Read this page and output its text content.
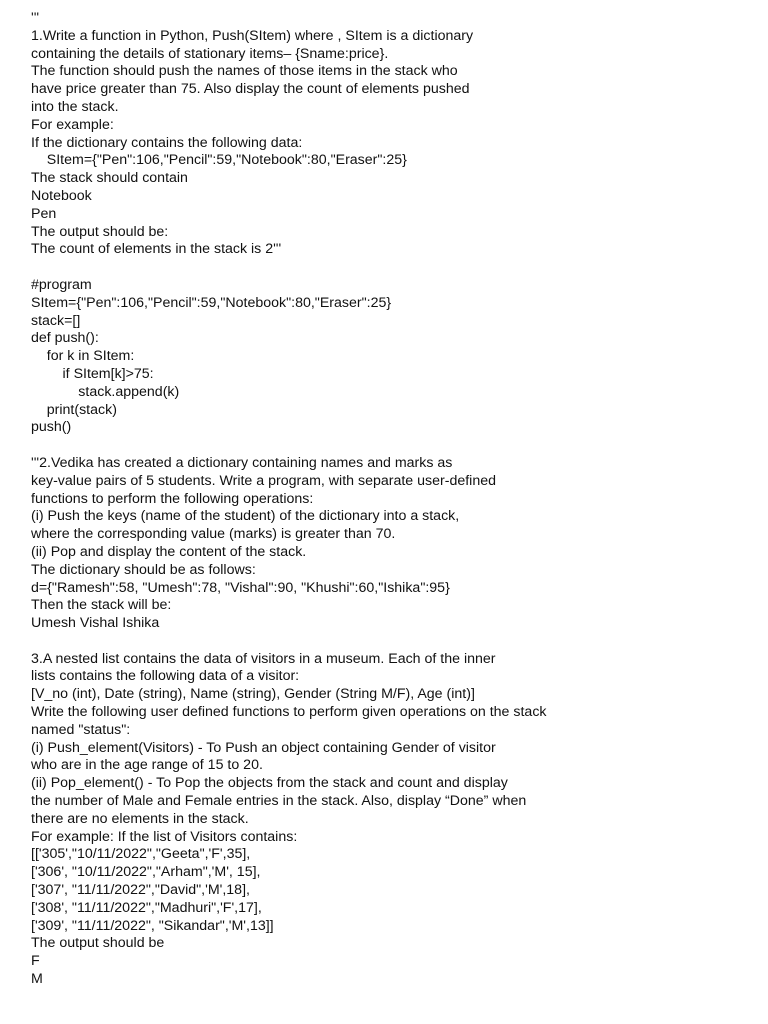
'''
1.Write a function in Python, Push(SItem) where , SItem is a dictionary
containing the details of stationary items– {Sname:price}.
The function should push the names of those items in the stack who
have price greater than 75. Also display the count of elements pushed
into the stack.
For example:
If the dictionary contains the following data:
SItem={"Pen":106,"Pencil":59,"Notebook":80,"Eraser":25}
The stack should contain
Notebook
Pen
The output should be:
The count of elements in the stack is 2'''
#program
SItem={"Pen":106,"Pencil":59,"Notebook":80,"Eraser":25}
stack=[]
def push():
for k in SItem:
if SItem[k]>75:
stack.append(k)
print(stack)
push()
'''2.Vedika has created a dictionary containing names and marks as
key-value pairs of 5 students. Write a program, with separate user-defined
functions to perform the following operations:
(i) Push the keys (name of the student) of the dictionary into a stack,
where the corresponding value (marks) is greater than 70.
(ii) Pop and display the content of the stack.
The dictionary should be as follows:
d={"Ramesh":58, "Umesh":78, "Vishal":90, "Khushi":60,"Ishika":95}
Then the stack will be:
Umesh Vishal Ishika
3.A nested list contains the data of visitors in a museum. Each of the inner
lists contains the following data of a visitor:
[V_no (int), Date (string), Name (string), Gender (String M/F), Age (int)]
Write the following user defined functions to perform given operations on the stack
named "status":
(i) Push_element(Visitors) - To Push an object containing Gender of visitor
who are in the age range of 15 to 20.
(ii) Pop_element() - To Pop the objects from the stack and count and display
the number of Male and Female entries in the stack. Also, display “Done” when
there are no elements in the stack.
For example: If the list of Visitors contains:
[['305',"10/11/2022","Geeta",'F',35],
['306', "10/11/2022","Arham",'M', 15],
['307', "11/11/2022","David",'M',18],
['308', "11/11/2022","Madhuri",'F',17],
['309', "11/11/2022", "Sikandar",'M',13]]
The output should be
F
M
